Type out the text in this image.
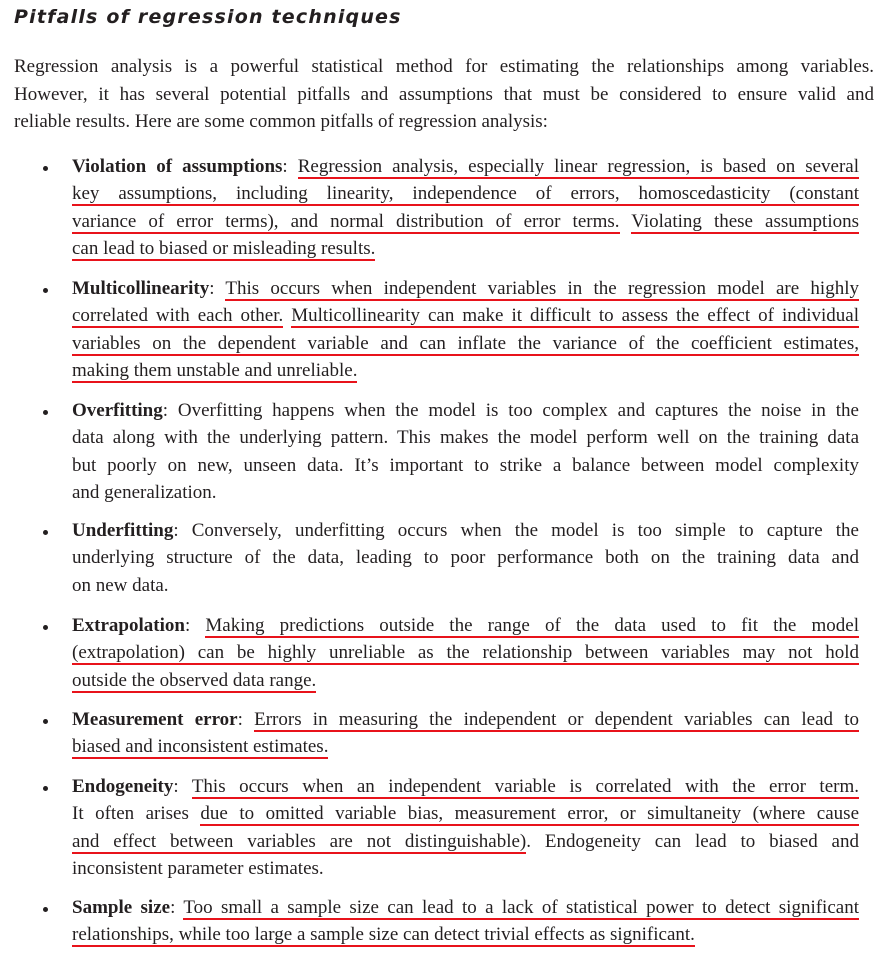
Pitfalls of regression techniques
Regression analysis is a powerful statistical method for estimating the relationships among variables.
However, it has several potential pitfalls and assumptions that must be considered to ensure valid and
reliable results. Here are some common pitfalls of regression analysis:
Violation of assumptions: Regression analysis, especially linear regression, is based on several
key assumptions, including linearity, independence of errors, homoscedasticity (constant
variance of error terms), and normal distribution of error terms. Violating these assumptions
can lead to biased or misleading results.
Multicollinearity: This occurs when independent variables in the regression model are highly
correlated with each other. Multicollinearity can make it difficult to assess the effect of individual
variables on the dependent variable and can inflate the variance of the coefficient estimates,
making them unstable and unreliable.
Overfitting: Overfitting happens when the model is too complex and captures the noise in the
data along with the underlying pattern. This makes the model perform well on the training data
but poorly on new, unseen data. It’s important to strike a balance between model complexity
and generalization.
Underfitting: Conversely, underfitting occurs when the model is too simple to capture the
underlying structure of the data, leading to poor performance both on the training data and
on new data.
Extrapolation: Making predictions outside the range of the data used to fit the model
(extrapolation) can be highly unreliable as the relationship between variables may not hold
outside the observed data range.
Measurement error: Errors in measuring the independent or dependent variables can lead to
biased and inconsistent estimates.
Endogeneity: This occurs when an independent variable is correlated with the error term.
It often arises due to omitted variable bias, measurement error, or simultaneity (where cause
and effect between variables are not distinguishable). Endogeneity can lead to biased and
inconsistent parameter estimates.
Sample size: Too small a sample size can lead to a lack of statistical power to detect significant
relationships, while too large a sample size can detect trivial effects as significant.
